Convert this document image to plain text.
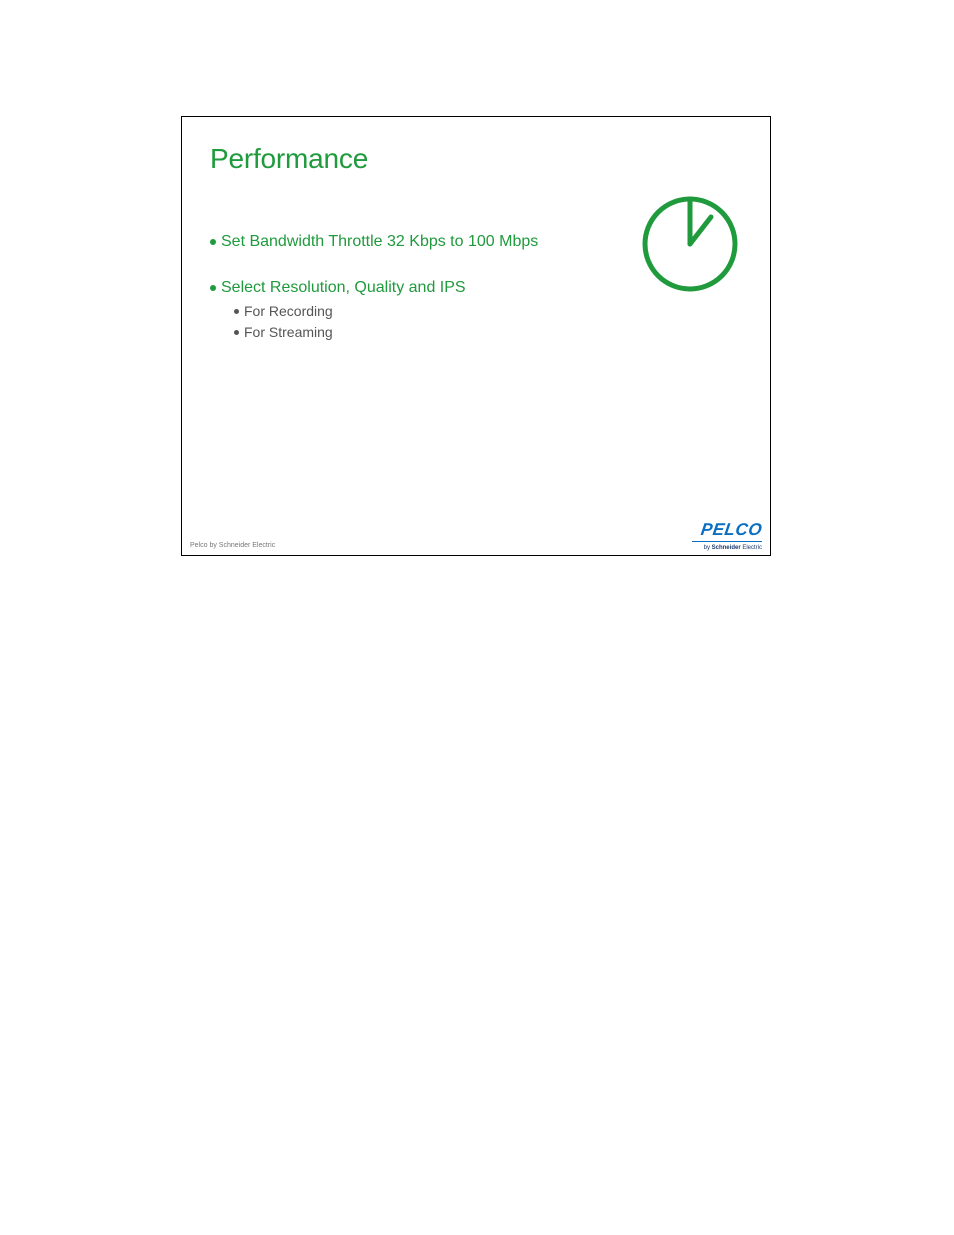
Performance
Set Bandwidth Throttle 32 Kbps to 100 Mbps
Select Resolution, Quality and IPS
For Recording
For Streaming
Pelco by Schneider Electric
PELCO
by Schneider Electric
